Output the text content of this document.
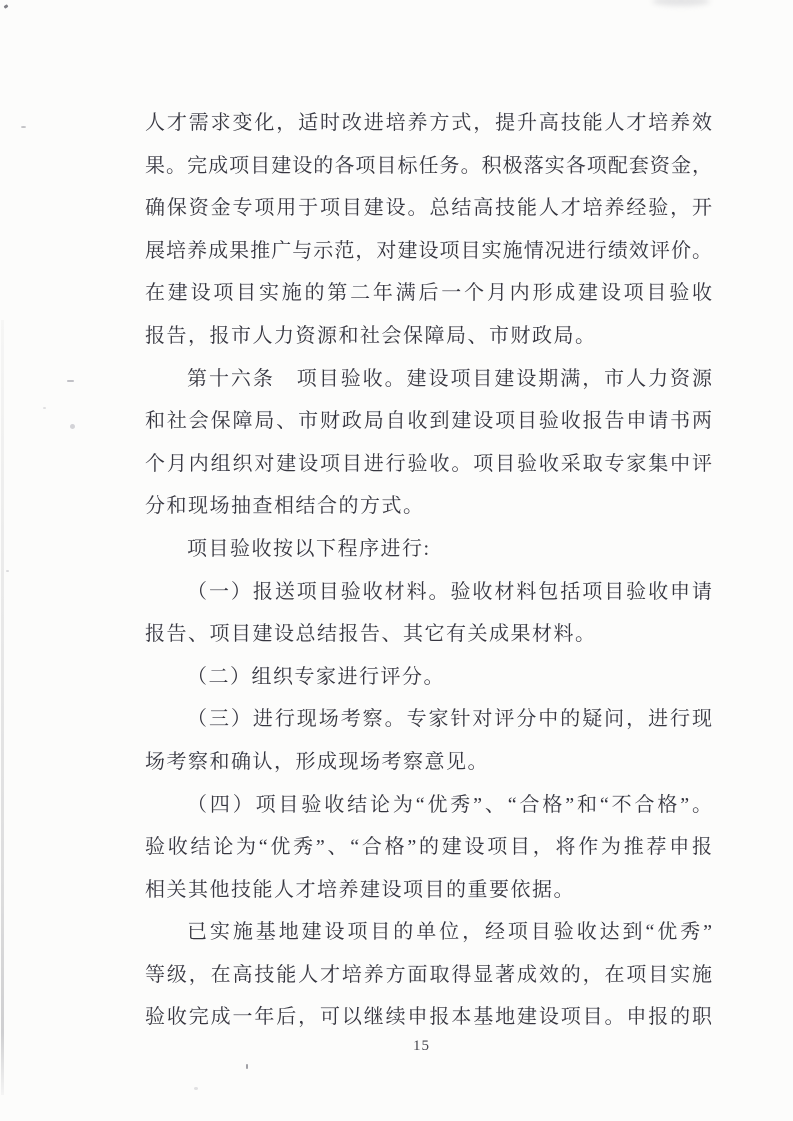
人才需求变化，适时改进培养方式，提升高技能人才培养效
果。完成项目建设的各项目标任务。积极落实各项配套资金，
确保资金专项用于项目建设。总结高技能人才培养经验，开
展培养成果推广与示范，对建设项目实施情况进行绩效评价。
在建设项目实施的第二年满后一个月内形成建设项目验收
报告，报市人力资源和社会保障局、市财政局。
第十六条　项目验收。建设项目建设期满，市人力资源
和社会保障局、市财政局自收到建设项目验收报告申请书两
个月内组织对建设项目进行验收。项目验收采取专家集中评
分和现场抽查相结合的方式。
项目验收按以下程序进行:
（一）报送项目验收材料。验收材料包括项目验收申请
报告、项目建设总结报告、其它有关成果材料。
（二）组织专家进行评分。
（三）进行现场考察。专家针对评分中的疑问，进行现
场考察和确认，形成现场考察意见。
（四）项目验收结论为“优秀”、“合格”和“不合格”。
验收结论为“优秀”、“合格”的建设项目，将作为推荐申报
相关其他技能人才培养建设项目的重要依据。
已实施基地建设项目的单位，经项目验收达到“优秀”
等级，在高技能人才培养方面取得显著成效的，在项目实施
验收完成一年后，可以继续申报本基地建设项目。申报的职
15
